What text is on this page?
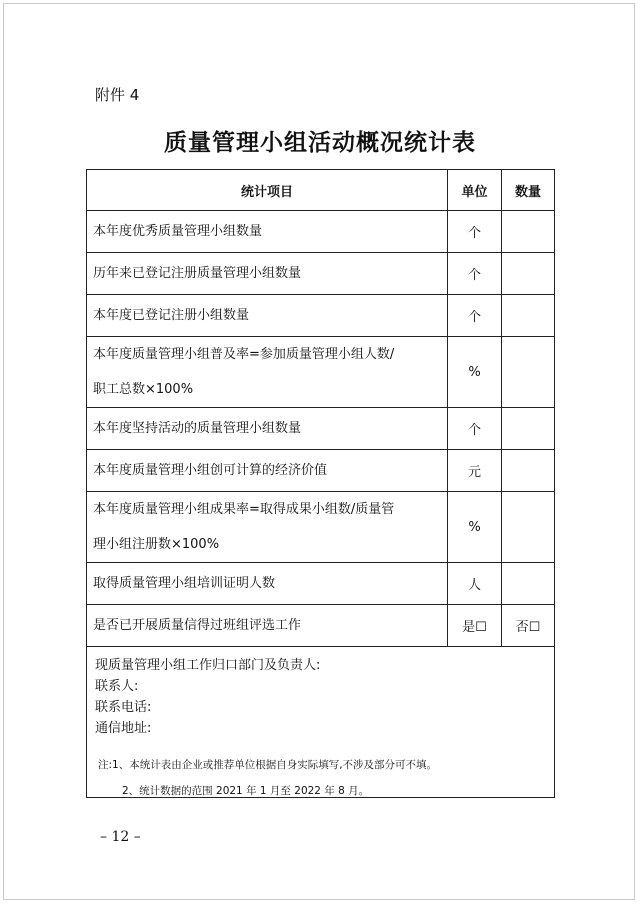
附件 4
质量管理小组活动概况统计表
统计项目	单位	数量
本年度优秀质量管理小组数量	个	
历年来已登记注册质量管理小组数量	个	
本年度已登记注册小组数量	个	

本年度质量管理小组普及率=参加质量管理小组人数/
职工总数×100%	%	
本年度坚持活动的质量管理小组数量	个	
本年度质量管理小组创可计算的经济价值	元	

本年度质量管理小组成果率=取得成果小组数/质量管
理小组注册数×100%	%	
取得质量管理小组培训证明人数	人	
是否已开展质量信得过班组评选工作	是☐	否☐

现质量管理小组工作归口部门及负责人:
联系人:
联系电话:
通信地址:		
注:1、本统计表由企业或推荐单位根据自身实际填写,不涉及部分可不填。
2、统计数据的范围 2021 年 1 月至 2022 年 8 月。
– 12 –
